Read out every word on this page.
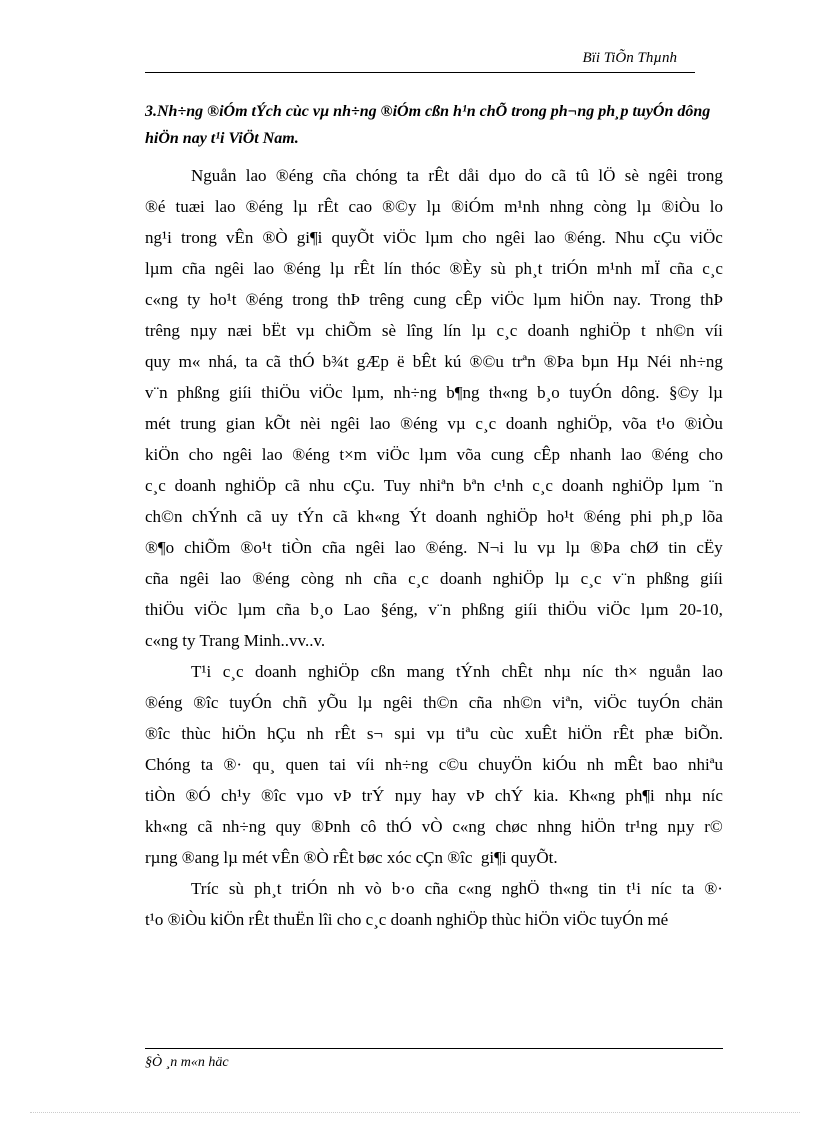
Bïi TiÕn Thµnh

3.Nh÷ng ®iÓm tÝch cùc vµ nh÷ng ®iÓm cßn h¹n chÕ trong ph¬ng ph¸p tuyÓn dông
hiÖn nay t¹i ViÖt Nam.

Nguån lao ®éng cña chóng ta rÊt dåi dµo do cã tû lÖ sè ngêi trong
®é tuæi lao ®éng lµ rÊt cao ®©y lµ ®iÓm m¹nh nhng còng lµ ®iÒu lo
ng¹i trong vÊn ®Ò gi¶i quyÕt viÖc lµm cho ngêi lao ®éng. Nhu cÇu viÖc
lµm cña ngêi lao ®éng lµ rÊt lín thóc ®Èy sù ph¸t triÓn m¹nh mÏ cña c¸c
c«ng ty ho¹t ®éng trong thÞ trêng cung cÊp viÖc lµm hiÖn nay. Trong thÞ
trêng nµy næi bËt vµ chiÕm sè lîng lín lµ c¸c doanh nghiÖp t nh©n víi
quy m« nhá, ta cã thÓ b¾t gÆp ë bÊt kú ®©u trªn ®Þa bµn Hµ Néi nh÷ng
v¨n phßng giíi thiÖu viÖc lµm, nh÷ng b¶ng th«ng b¸o tuyÓn dông. §©y lµ
mét trung gian kÕt nèi ngêi lao ®éng vµ c¸c doanh nghiÖp, võa t¹o ®iÒu
kiÖn cho ngêi lao ®éng t×m viÖc lµm võa cung cÊp nhanh lao ®éng cho
c¸c doanh nghiÖp cã nhu cÇu. Tuy nhiªn bªn c¹nh c¸c doanh nghiÖp lµm ¨n
ch©n chÝnh cã uy tÝn cã kh«ng Ýt doanh nghiÖp ho¹t ®éng phi ph¸p lõa
®¶o chiÕm ®o¹t tiÒn cña ngêi lao ®éng. N¬i lu vµ lµ ®Þa chØ tin cËy
cña ngêi lao ®éng còng nh cña c¸c doanh nghiÖp lµ c¸c v¨n phßng giíi
thiÖu viÖc lµm cña b¸o Lao §éng, v¨n phßng giíi thiÖu viÖc lµm 20-10,
c«ng ty Trang Minh..vv..v.
T¹i c¸c doanh nghiÖp cßn mang tÝnh chÊt nhµ níc th× nguån lao
®éng ®îc tuyÓn chñ yÕu lµ ngêi th©n cña nh©n viªn, viÖc tuyÓn chän
®îc thùc hiÖn hÇu nh rÊt s¬ sµi vµ tiªu cùc xuÊt hiÖn rÊt phæ biÕn.
Chóng ta ®· qu¸ quen tai víi nh÷ng c©u chuyÖn kiÓu nh mÊt bao nhiªu
tiÒn ®Ó ch¹y ®îc vµo vÞ trÝ nµy hay vÞ chÝ kia. Kh«ng ph¶i nhµ níc
kh«ng cã nh÷ng quy ®Þnh cô thÓ vÒ c«ng chøc nhng hiÖn tr¹ng nµy r©
rµng ®ang lµ mét vÊn ®Ò rÊt bøc xóc cÇn ®îc  gi¶i quyÕt.
Tríc sù ph¸t triÓn nh vò b·o cña c«ng nghÖ th«ng tin t¹i níc ta ®·
t¹o ®iÒu kiÖn rÊt thuËn lîi cho c¸c doanh nghiÖp thùc hiÖn viÖc tuyÓn mé
§Ò ¸n m«n häc
